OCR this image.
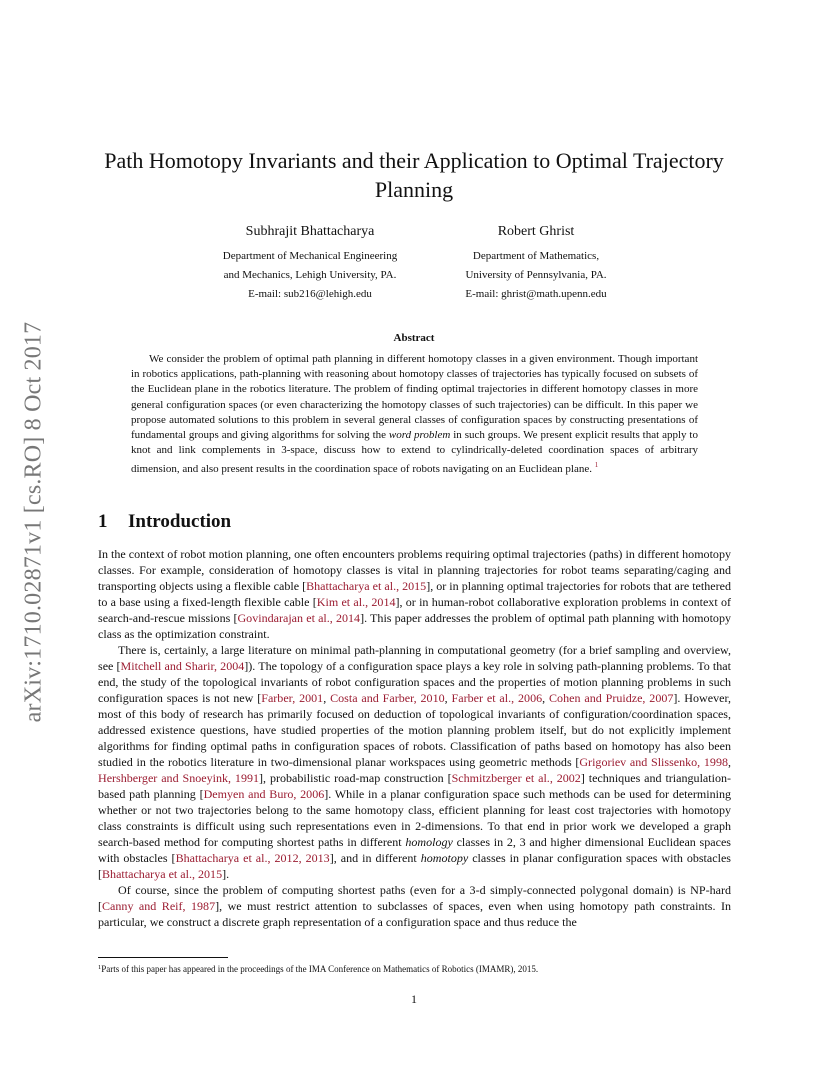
arXiv:1710.02871v1 [cs.RO] 8 Oct 2017
Path Homotopy Invariants and their Application to Optimal Trajectory Planning
Subhrajit Bhattacharya
Department of Mechanical Engineering
and Mechanics, Lehigh University, PA.
E-mail: sub216@lehigh.edu
Robert Ghrist
Department of Mathematics,
University of Pennsylvania, PA.
E-mail: ghrist@math.upenn.edu
Abstract

We consider the problem of optimal path planning in different homotopy classes in a given environment. Though important in robotics applications, path-planning with reasoning about homotopy classes of trajectories has typically focused on subsets of the Euclidean plane in the robotics literature. The problem of finding optimal trajectories in different homotopy classes in more general configuration spaces (or even characterizing the homotopy classes of such trajectories) can be difficult. In this paper we propose automated solutions to this problem in several general classes of configuration spaces by constructing presentations of fundamental groups and giving algorithms for solving the word problem in such groups. We present explicit results that apply to knot and link complements in 3-space, discuss how to extend to cylindrically-deleted coordination spaces of arbitrary dimension, and also present results in the coordination space of robots navigating on an Euclidean plane. $^1$

1 Introduction

In the context of robot motion planning, one often encounters problems requiring optimal trajectories (paths) in different homotopy classes. For example, consideration of homotopy classes is vital in planning trajectories for robot teams separating/caging and transporting objects using a flexible cable [Bhattacharya et al., 2015], or in planning optimal trajectories for robots that are tethered to a base using a fixed-length flexible cable [Kim et al., 2014], or in human-robot collaborative exploration problems in context of search-and-rescue missions [Govindarajan et al., 2014]. This paper addresses the problem of optimal path planning with homotopy class as the optimization constraint.

There is, certainly, a large literature on minimal path-planning in computational geometry (for a brief sampling and overview, see [Mitchell and Sharir, 2004]). The topology of a configuration space plays a key role in solving path-planning problems. To that end, the study of the topological invariants of robot configuration spaces and the properties of motion planning problems in such configuration spaces is not new [Farber, 2001, Costa and Farber, 2010, Farber et al., 2006, Cohen and Pruidze, 2007]. However, most of this body of research has primarily focused on deduction of topological invariants of configuration/coordination spaces, addressed existence questions, have studied properties of the motion planning problem itself, but do not explicitly implement algorithms for finding optimal paths in configuration spaces of robots. Classification of paths based on homotopy has also been studied in the robotics literature in two-dimensional planar workspaces using geometric methods [Grigoriev and Slissenko, 1998, Hershberger and Snoeyink, 1991], probabilistic road-map construction [Schmitzberger et al., 2002] techniques and triangulation-based path planning [Demyen and Buro, 2006]. While in a planar configuration space such methods can be used for determining whether or not two trajectories belong to the same homotopy class, efficient planning for least cost trajectories with homotopy class constraints is difficult using such representations even in 2-dimensions. To that end in prior work we developed a graph search-based method for computing shortest paths in different homology classes in 2, 3 and higher dimensional Euclidean spaces with obstacles [Bhattacharya et al., 2012, 2013], and in different homotopy classes in planar configuration spaces with obstacles [Bhattacharya et al., 2015].

Of course, since the problem of computing shortest paths (even for a 3-d simply-connected polygonal domain) is NP-hard [Canny and Reif, 1987], we must restrict attention to subclasses of spaces, even when using homotopy path constraints. In particular, we construct a discrete graph representation of a configuration space and thus reduce the

$^1$Parts of this paper has appeared in the proceedings of the IMA Conference on Mathematics of Robotics (IMAMR), 2015.
1
